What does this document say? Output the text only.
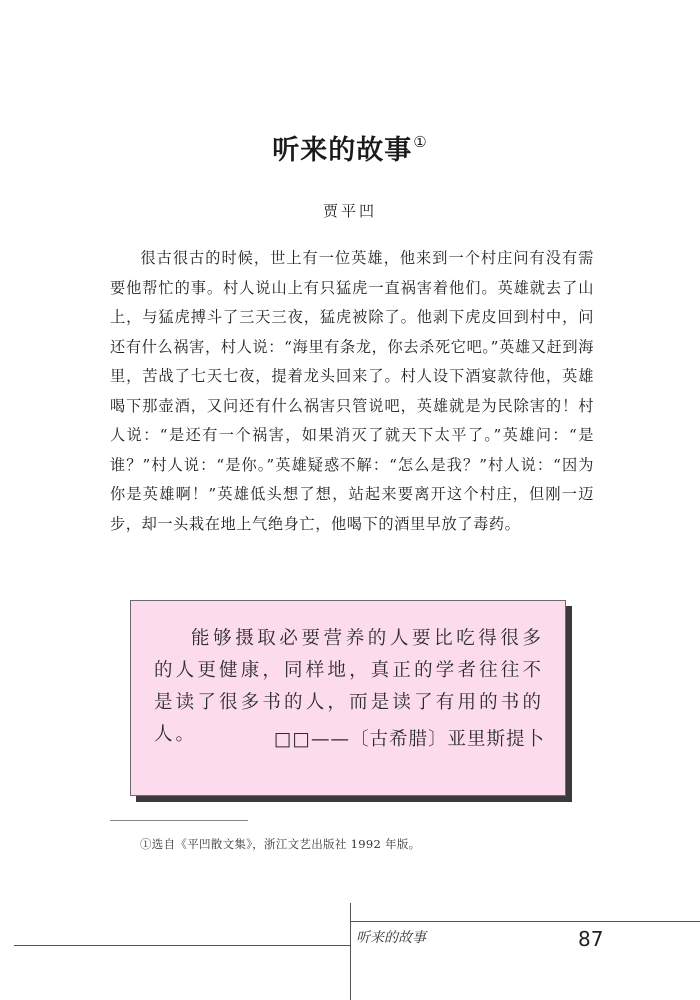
听来的故事①
贾平凹

很古很古的时候，世上有一位英雄，他来到一个村庄问有没有需要他帮忙的事。村人说山上有只猛虎一直祸害着他们。英雄就去了山上，与猛虎搏斗了三天三夜，猛虎被除了。他剥下虎皮回到村中，问还有什么祸害，村人说：“海里有条龙，你去杀死它吧。”英雄又赶到海里，苦战了七天七夜，提着龙头回来了。村人设下酒宴款待他，英雄喝下那壶酒，又问还有什么祸害只管说吧，英雄就是为民除害的！村人说：“是还有一个祸害，如果消灭了就天下太平了。”英雄问：“是谁？”村人说：“是你。”英雄疑惑不解：“怎么是我？”村人说：“因为你是英雄啊！”英雄低头想了想，站起来要离开这个村庄，但刚一迈步，却一头栽在地上气绝身亡，他喝下的酒里早放了毒药。

能够摄取必要营养的人要比吃得很多的人更健康，同样地，真正的学者往往不是读了很多书的人，而是读了有用的书的人。	□□——〔古希腊〕亚里斯提卜
①选自《平凹散文集》，浙江文艺出版社 1992 年版。
听来的故事	87
